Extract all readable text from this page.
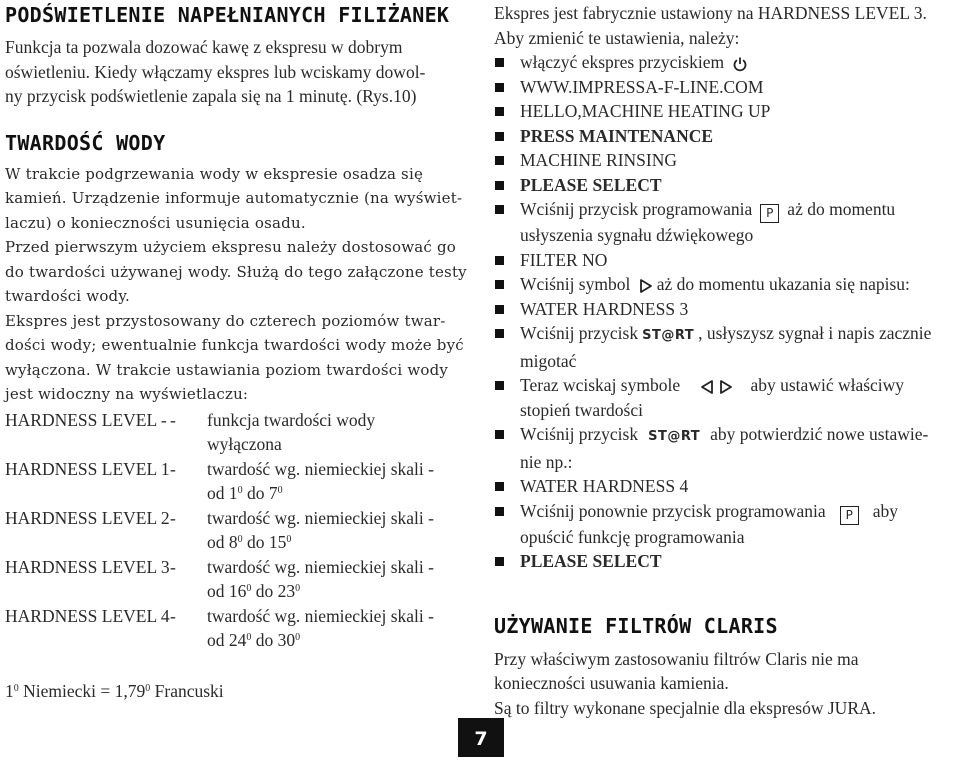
PODŚWIETLENIE NAPEŁNIANYCH FILIŻANEK

Funkcja ta pozwala dozować kawę z ekspresu w dobrym

oświetleniu. Kiedy włączamy ekspres lub wciskamy dowol-

ny przycisk podświetlenie zapala się na 1 minutę. (Rys.10)

TWARDOŚĆ WODY

W trakcie podgrzewania wody w ekspresie osadza się

kamień. Urządzenie informuje automatycznie (na wyświet-

laczu) o konieczności usunięcia osadu.

Przed pierwszym użyciem ekspresu należy dostosować go

do twardości używanej wody. Służą do tego załączone testy

twardości wody.

Ekspres jest przystosowany do czterech poziomów twar-

dości wody; ewentualnie funkcja twardości wody może być

wyłączona. W trakcie ustawiania poziom twardości wody

jest widoczny na wyświetlaczu:

HARDNESS LEVEL - -	funkcja twardości wody
wyłączona
HARDNESS LEVEL 1 -	twardość wg. niemieckiej skali -
od $1^0$ do $7^0$
HARDNESS LEVEL 2 -	twardość wg. niemieckiej skali -
od $8^0$ do $15^0$
HARDNESS LEVEL 3 -	twardość wg. niemieckiej skali -
od $16^0$ do $23^0$
HARDNESS LEVEL 4 -	twardość wg. niemieckiej skali -
od $24^0$ do $30^0$

$1^0$ Niemiecki = $1,79^0$ Francuski

Ekspres jest fabrycznie ustawiony na HARDNESS LEVEL 3.

Aby zmienić te ustawienia, należy:

włączyć ekspres przyciskiem
WWW.IMPRESSA-F-LINE.COM
HELLO,MACHINE HEATING UP
PRESS MAINTENANCE
MACHINE RINSING
PLEASE SELECT
Wciśnij przycisk programowania P aż do momentu
usłyszenia sygnału dźwiękowego
FILTER NO
Wciśnij symbol aż do momentu ukazania się napisu:
WATER HARDNESS 3
Wciśnij przycisk ST@RT , usłyszysz sygnał i napis zacznie
migotać
Teraz wciskaj symbole	aby ustawić właściwy
stopień twardości
Wciśnij przycisk ST@RT aby potwierdzić nowe ustawie-
nie np.:
WATER HARDNESS 4
Wciśnij ponownie przycisk programowania P aby
opuścić funkcję programowania
PLEASE SELECT
UŻYWANIE FILTRÓW CLARIS

Przy właściwym zastosowaniu filtrów Claris nie ma

konieczności usuwania kamienia.

Są to filtry wykonane specjalnie dla ekspresów JURA.

7
